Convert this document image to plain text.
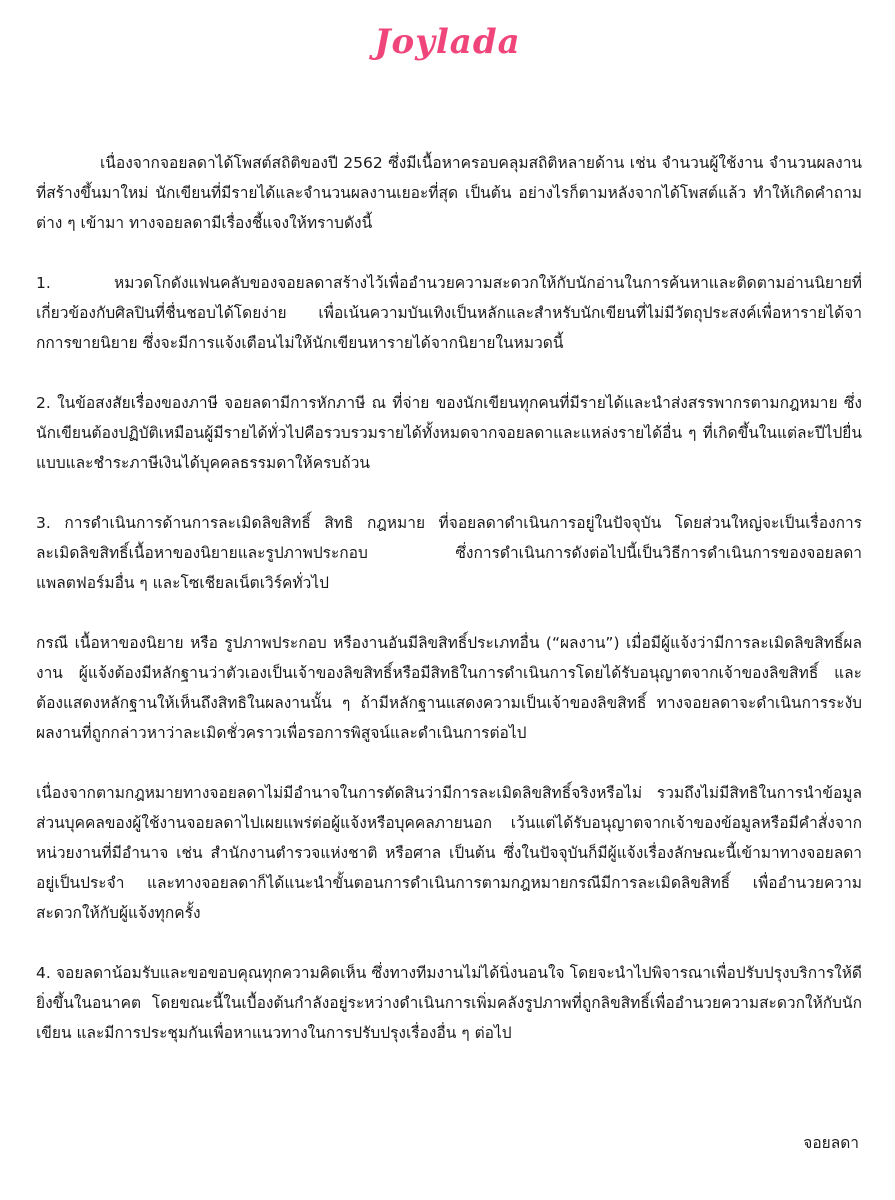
Joylada

เนื่องจากจอยลดาได้โพสต์สถิติของปี 2562 ซึ่งมีเนื้อหาครอบคลุมสถิติหลายด้าน เช่น จำนวนผู้ใช้งาน จำนวนผลงานที่สร้างขึ้นมาใหม่ นักเขียนที่มีรายได้และจำนวนผลงานเยอะที่สุด เป็นต้น อย่างไรก็ตามหลังจากได้โพสต์แล้ว ทำให้เกิดคำถามต่าง ๆ เข้ามา ทางจอยลดามีเรื่องชี้แจงให้ทราบดังนี้

1. หมวดโกดังแฟนคลับของจอยลดาสร้างไว้เพื่ออำนวยความสะดวกให้กับนักอ่านในการค้นหาและติดตามอ่านนิยายที่เกี่ยวข้องกับศิลปินที่ชื่นชอบได้โดยง่าย เพื่อเน้นความบันเทิงเป็นหลักและสำหรับนักเขียนที่ไม่มีวัตถุประสงค์เพื่อหารายได้จา กการขายนิยาย ซึ่งจะมีการแจ้งเตือนไม่ให้นักเขียนหารายได้จากนิยายในหมวดนี้

2. ในข้อสงสัยเรื่องของภาษี จอยลดามีการหักภาษี ณ ที่จ่าย ของนักเขียนทุกคนที่มีรายได้และนำส่งสรรพากรตามกฎหมาย ซึ่งนักเขียนต้องปฏิบัติเหมือนผู้มีรายได้ทั่วไปคือรวบรวมรายได้ทั้งหมดจากจอยลดาและแหล่งรายได้อื่น ๆ ที่เกิดขึ้นในแต่ละปีไปยื่นแบบและชำระภาษีเงินได้บุคคลธรรมดาให้ครบถ้วน

3. การดำเนินการด้านการละเมิดลิขสิทธิ์ สิทธิ กฎหมาย ที่จอยลดาดำเนินการอยู่ในปัจจุบัน โดยส่วนใหญ่จะเป็นเรื่องการละเมิดลิขสิทธิ์เนื้อหาของนิยายและรูปภาพประกอบ ซึ่งการดำเนินการดังต่อไปนี้เป็นวิธีการดำเนินการของจอยลดา แพลตฟอร์มอื่น ๆ และโซเชียลเน็ตเวิร์คทั่วไป

กรณี เนื้อหาของนิยาย หรือ รูปภาพประกอบ หรืองานอันมีลิขสิทธิ์ประเภทอื่น (“ผลงาน”) เมื่อมีผู้แจ้งว่ามีการละเมิดลิขสิทธิ์ผลงาน ผู้แจ้งต้องมีหลักฐานว่าตัวเองเป็นเจ้าของลิขสิทธิ์หรือมีสิทธิในการดำเนินการโดยได้รับอนุญาตจากเจ้าของลิขสิทธิ์ และต้องแสดงหลักฐานให้เห็นถึงสิทธิในผลงานนั้น ๆ ถ้ามีหลักฐานแสดงความเป็นเจ้าของลิขสิทธิ์ ทางจอยลดาจะดำเนินการระงับผลงานที่ถูกกล่าวหาว่าละเมิดชั่วคราวเพื่อรอการพิสูจน์และดำเนินการต่อไป

เนื่องจากตามกฎหมายทางจอยลดาไม่มีอำนาจในการตัดสินว่ามีการละเมิดลิขสิทธิ์จริงหรือไม่ รวมถึงไม่มีสิทธิในการนำข้อมูลส่วนบุคคลของผู้ใช้งานจอยลดาไปเผยแพร่ต่อผู้แจ้งหรือบุคคลภายนอก เว้นแต่ได้รับอนุญาตจากเจ้าของข้อมูลหรือมีคำสั่งจากหน่วยงานที่มีอำนาจ เช่น สำนักงานตำรวจแห่งชาติ หรือศาล เป็นต้น ซึ่งในปัจจุบันก็มีผู้แจ้งเรื่องลักษณะนี้เข้ามาทางจอยลดาอยู่เป็นประจำ และทางจอยลดาก็ได้แนะนำขั้นตอนการดำเนินการตามกฎหมายกรณีมีการละเมิดลิขสิทธิ์ เพื่ออำนวยความสะดวกให้กับผู้แจ้งทุกครั้ง

4. จอยลดาน้อมรับและขอขอบคุณทุกความคิดเห็น ซึ่งทางทีมงานไม่ได้นิ่งนอนใจ โดยจะนำไปพิจารณาเพื่อปรับปรุงบริการให้ดียิ่งขึ้นในอนาคต โดยขณะนี้ในเบื้องต้นกำลังอยู่ระหว่างดำเนินการเพิ่มคลังรูปภาพที่ถูกลิขสิทธิ์เพื่ออำนวยความสะดวกให้กับนักเขียน และมีการประชุมกันเพื่อหาแนวทางในการปรับปรุงเรื่องอื่น ๆ ต่อไป

จอยลดา
